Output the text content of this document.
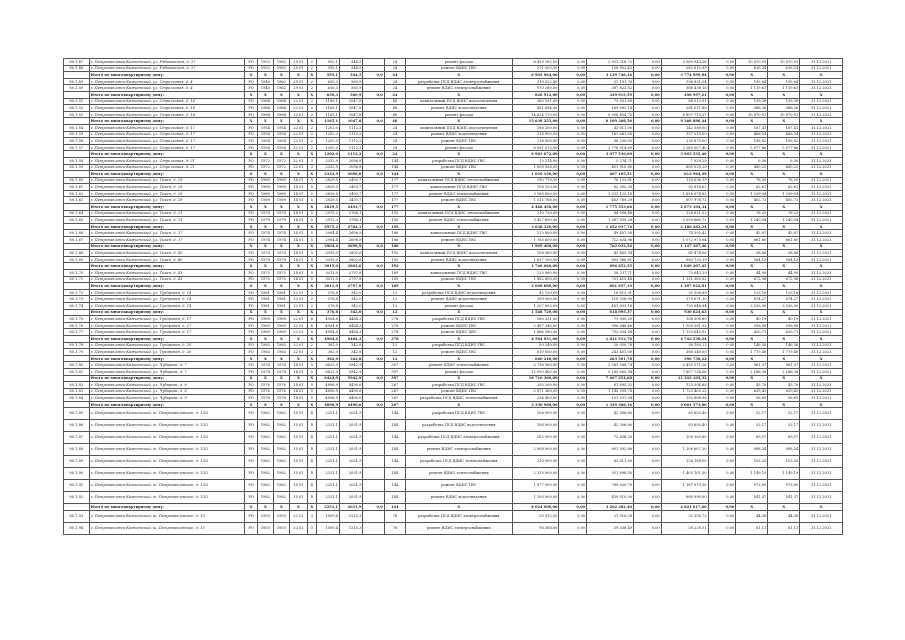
80.1.47	г. Петропавловск-Камчатский, ул. Рябиковская, д. 37	РО	1952	1962	29 01	2	595,1	544,5		24	ремонт фасада	6 429 162,00	0,00	2 921 218,72	0,00	3 569 943,28	0,00	10 870,91	10 870,91	31.12.2021
80.1.48	г. Петропавловск-Камчатский, ул. Рябиковская, д. 37	РО	1952	1962	29 01	2	595,1	544,5		24	ремонт ВДИС ГВС	271 000,00	0,00	108 952,43	0,00	262 615,99	0,00	626,54	626,54	31.12.2021
	Итого по многоквартирному дому:	X	X	X	X	X	595,1	544,5	0,0	24	X	6 905 964,00	0,00	3 129 746,16	0,00	3 774 999,84	0,00	X	X	X
80.1.49	г. Петропавловск-Камчатский, ул. Стрелковая, д. 4	РО	1940	1962	29 01	2	650,3	560,9		24	разработка ПСД ВДИС электроснабжения	319 022,80	0,00	32 191,76	0,00	196 831,04	0,00	195,64	195,64	31.12.2021
80.1.50	г. Петропавловск-Камчатский, ул. Стрелковая, д. 4	РО	1940	1962	29 01	2	650,3	560,9		24	ремонт ВДИС электроснабжения	970 280,00	0,00	387 623,82	0,00	386 436,18	0,00	1 119,61	1 119,61	31.12.2021
	Итого по многоквартирному дому:	X	X	X	X	X	650,3	560,9	0,0	24	X	826 912,80	0,00	329 915,59	0,00	498 997,21	0,00	X	X	X
80.1.51	г. Петропавловск-Камчатский, ул. Стрелковая, д. 14	РО	1964	1964	22 01	2	1165,1	1047,8		48	капитальный ПСД ВДИС водоотведения	362 191,00	0,00	73 031,69	0,00	88 512,91	0,00	139,38	139,38	31.12.2021
80.1.52	г. Петропавловск-Камчатский, ул. Стрелковая, д. 14	РО	1964	1964	22 01	2	1165,1	1047,8		48	ремонт ВДИС водоотведения	451 894,00	0,00	169 882,14	0,00	281 011,86	0,00	386,26	386,26	31.12.2021
80.1.53	г. Петропавловск-Камчатский, ул. Стрелковая, д. 14	РО	1964	1964	22 01	2	1165,1	1047,8		48	ремонт фасада	14 824 170,00	0,00	5 926 454,73	0,00	8 897 715,27	0,00	10 870,91	10 870,91	31.12.2021
	Итого по многоквартирному дому:	X	X	X	X	X	1165,1	1047,8	0,0	48	X	15 638 255,00	0,00	6 169 368,56	0,00	9 268 886,44	0,00	X	X	X
80.1.54	г. Петропавловск-Камчатский, ул. Стрелковая, д. 17	РО	1954	1954	22 01	2	1202,0	1112,2		24	капитальный ПСД ВДИС водоотведения	186 200,00	0,00	43 611,00	0,00	142 589,00	0,00	167,41	167,41	31.12.2021
80.1.55	г. Петропавловск-Камчатский, ул. Стрелковая, д. 17	РО	1954	1954	22 01	2	1202,0	1112,2		24	ремонт ВДИС водоотведения	518 900,00	0,00	161 681,00	0,00	357 219,00	0,00	466,54	466,54	31.12.2021
80.1.56	г. Петропавловск-Камчатский, ул. Стрелковая, д. 17	РО	1954	1954	22 01	2	1202,0	1112,2		24	ремонт ВДИС ГВС	216 900,00	0,00	96 230,00	0,00	120 670,00	0,00	195,02	195,02	31.12.2021
80.1.57	г. Петропавловск-Камчатский, ул. Стрелковая, д. 17	РО	1954	1954	22 01	2	1202,0	1112,2		24	ремонт фасада	6 061 072,00	0,00	2 776 014,60	0,00	3 285 057,40	0,00	5 077,86	5 077,86	31.12.2021
	Итого по многоквартирному дому:	X	X	X	X	X	1202,0	1112,2	0,0	24	X	6 983 072,00	0,00	3 077 536,60	0,00	3 905 535,40	0,00	X	X	X
80.1.58	г. Петропавловск-Камчатский, ул. Стрелковая, д. 21	РО	1972	1972	22 01	3	2332,9	2096,8		144	разработка ПСД ВДИС ГВС	13 214,00	0,00	5 274,71	0,00	7 939,29	0,00	6,30	6,30	31.12.2021
80.1.59	г. Петропавловск-Камчатский, ул. Стрелковая, д. 21	РО	1972	1972	22 01	3	2332,9	2096,8		144	ремонт ВДИС ГВС	1 006 936,00	0,00	401 910,80	0,00	605 025,20	0,00	480,22	480,22	31.12.2021
	Итого по многоквартирному дому:	X	X	X	X	X	2332,9	2096,8	0,0	144	X	1 020 150,00	0,00	407 185,51	0,00	612 964,49	0,00	X	X	X
80.1.60	г. Петропавловск-Камчатский, ул. Тихая, д. 29	РО	1969	1969	14 01	5	2829,5	2493,7		177	капитальный ПСД ВДИС теплоснабжения	190 770,00	0,00	76 133,81	0,00	114 636,19	0,00	76,50	76,50	31.12.2021
80.1.61	г. Петропавловск-Камчатский, ул. Тихая, д. 29	РО	1969	1969	14 01	5	2829,5	2493,7		177	капитальный ПСД ВДИС ГВС	156 120,00	0,00	62 305,38	0,00	93 814,62	0,00	62,61	62,61	31.12.2021
80.1.62	г. Петропавловск-Камчатский, ул. Тихая, д. 29	РО	1969	1969	14 01	5	2829,5	2493,7		177	ремонт ВДИС теплоснабжения	3 089 800,00	0,00	1 233 125,18	0,00	1 856 674,82	0,00	1 239,04	1 239,04	31.12.2021
80.1.63	г. Петропавловск-Камчатский, ул. Тихая, д. 29	РО	1969	1969	14 01	5	2829,5	2493,7		177	ремонт ВДИС ГВС	1 011 768,00	0,00	403 789,29	0,00	607 978,71	0,00	405,73	405,73	31.12.2021
	Итого по многоквартирному дому:	X	X	X	X	X	2829,5	2493,7	0,0	177	X	4 448 458,00	0,00	1 775 353,66	0,00	2 673 104,34	0,00	X	X	X
80.1.64	г. Петропавловск-Камчатский, ул. Тихая, д. 31	РО	1978	1978	14 01	5	2975,2	2764,1		195	капитальный ПСД ВДИС теплоснабжения	210 720,00	0,00	84 098,48	0,00	126 621,52	0,00	76,23	76,23	31.12.2021
80.1.65	г. Петропавловск-Камчатский, ул. Тихая, д. 31	РО	1978	1978	14 01	5	2975,2	2764,1		195	ремонт ВДИС теплоснабжения	3 427 600,00	0,00	1 367 939,28	0,00	2 059 660,72	0,00	1 240,04	1 240,04	31.12.2021
	Итого по многоквартирному дому:	X	X	X	X	X	2975,2	2764,1	0,0	195	X	3 638 320,00	0,00	1 452 037,76	0,00	2 186 282,24	0,00	X	X	X
80.1.66	г. Петропавловск-Камчатский, ул. Тихая, д. 37	РО	1974	1974	14 01	5	2904,4	2698,9		186	капитальный ПСД ВДИС ГВС	123 800,00	0,00	49 407,58	0,00	74 392,42	0,00	45,87	45,87	31.12.2021
80.1.67	г. Петропавловск-Камчатский, ул. Тихая, д. 37	РО	1974	1974	14 01	5	2904,4	2698,9		186	ремонт ВДИС ГВС	1 785 600,00	0,00	712 624,96	0,00	1 072 975,04	0,00	661,60	661,60	31.12.2021
	Итого по многоквартирному дому:	X	X	X	X	X	2904,4	2698,9	0,0	186	X	1 909 400,00	0,00	762 032,54	0,00	1 147 367,46	0,00	X	X	X
80.1.68	г. Петропавловск-Камчатский, ул. Тихая, д. 40	РО	1978	1978	14 01	5	3015,0	2802,6		192	капитальный ПСД ВДИС водоотведения	108 960,00	0,00	43 485,94	0,00	65 474,06	0,00	38,88	38,88	31.12.2021
80.1.69	г. Петропавловск-Камчатский, ул. Тихая, д. 40	РО	1978	1978	14 01	5	3015,0	2802,6		192	ремонт ВДИС водоотведения	1 637 100,00	0,00	653 366,61	0,00	983 733,39	0,00	584,13	584,13	31.12.2021
	Итого по многоквартирному дому:	X	X	X	X	X	3015,0	2802,6	0,0	192	X	1 746 060,00	0,00	696 852,55	0,00	1 049 207,45	0,00	X	X	X
80.1.70	г. Петропавловск-Камчатский, ул. Тихая, д. 43	РО	1975	1975	14 01	5	3011,0	2797,8		189	капитальный ПСД ВДИС ГВС	125 880,00	0,00	50 237,71	0,00	75 642,29	0,00	44,99	44,99	31.12.2021
80.1.71	г. Петропавловск-Камчатский, ул. Тихая, д. 43	РО	1975	1975	14 01	5	3011,0	2797,8		189	ремонт ВДИС ГВС	1 882 800,00	0,00	751 419,48	0,00	1 131 380,52	0,00	672,96	672,96	31.12.2021
	Итого по многоквартирному дому:	X	X	X	X	X	3011,0	2797,8	0,0	189	X	2 008 680,00	0,00	801 657,19	0,00	1 207 022,81	0,00	X	X	X
80.1.72	г. Петропавловск-Камчатский, ул. Тундровая, д. 14	РО	1961	1961	22 01	2	376,8	342,0		12	разработка ПСД ВДИС водоотведения	42 120,00	0,00	16 813,31	0,00	25 306,69	0,00	123,16	123,16	31.12.2021
80.1.73	г. Петропавловск-Камчатский, ул. Тундровая, д. 14	РО	1961	1961	22 01	2	376,8	342,0		12	ремонт ВДИС водоотведения	299 000,00	0,00	119 328,90	0,00	179 671,10	0,00	874,27	874,27	31.12.2021
80.1.74	г. Петропавловск-Камчатский, ул. Тундровая, д. 14	РО	1961	1961	22 01	2	376,8	342,0		12	ремонт фасада	1 207 600,00	0,00	481 953,16	0,00	725 646,84	0,00	3 530,99	3 530,99	31.12.2021
	Итого по многоквартирному дому:	X	X	X	X	X	376,8	342,0	0,0	12	X	1 548 720,00	0,00	618 095,37	0,00	930 624,63	0,00	X	X	X
80.1.75	г. Петропавловск-Камчатский, ул. Тундровая, д. 17	РО	1969	1969	22 01	4	4904,6	4484,3		278	разработка ПСД ВДИС ГВС	180 231,00	0,00	71 930,20	0,00	108 300,80	0,00	40,19	40,19	31.12.2021
80.1.76	г. Петропавловск-Камчатский, ул. Тундровая, д. 17	РО	1969	1969	22 01	4	4904,6	4484,3		278	ремонт ВДИС ГВС	2 497 240,00	0,00	996 648,48	0,00	1 500 591,52	0,00	556,88	556,88	31.12.2021
80.1.77	г. Петропавловск-Камчатский, ул. Тундровая, д. 17	РО	1969	1969	22 01	4	4904,6	4484,3		278	ремонт ВДИС ХВС	1 886 580,00	0,00	752 934,08	0,00	1 133 645,92	0,00	420,71	420,71	31.12.2021
	Итого по многоквартирному дому:	X	X	X	X	X	4904,6	4484,3	0,0	278	X	4 564 051,00	0,00	1 821 512,76	0,00	2 742 538,24	0,00	X	X	X
80.1.78	г. Петропавловск-Камчатский, ул. Тундровая, д. 20	РО	1963	1963	22 01	2	382,0	342,8		12	разработка ПСД ВДИС ГВС	50 240,00	0,00	20 050,78	0,00	30 189,22	0,00	146,56	146,56	31.12.2021
80.1.79	г. Петропавловск-Камчатский, ул. Тундровая, д. 20	РО	1963	1963	22 01	2	382,0	342,8		12	ремонт ВДИС ГВС	610 000,00	0,00	243 451,00	0,00	366 549,00	0,00	1 779,46	1 779,46	31.12.2021
	Итого по многоквартирному дому:	X	X	X	X	X	382,0	342,8	0,0	12	X	660 240,00	0,00	263 501,78	0,00	396 738,22	0,00	X	X	X
80.1.80	г. Петропавловск-Камчатский, ул. Чубарова, д. 7	РО	1974	1974	14 01	5	6422,9	5942,9		397	ремонт ВДИС теплоснабжения	5 716 960,00	0,00	2 281 588,74	0,00	3 435 371,26	0,00	961,97	961,97	31.12.2021
80.1.81	г. Петропавловск-Камчатский, ул. Чубарова, д. 7	РО	1974	1974	14 01	5	6422,9	5942,9		397	ремонт фасада	12 993 400,00	0,00	5 185 665,94	0,00	7 807 734,06	0,00	2 186,38	2 186,38	31.12.2021
	Итого по многоквартирному дому:	X	X	X	X	X	6422,9	5942,9	0,0	397	X	18 710 360,00	0,00	7 467 254,68	0,00	11 243 105,32	0,00	X	X	X
80.1.82	г. Петропавловск-Камчатский, ул. Чубарова, д. 9	РО	1976	1976	14 01	5	4896,9	4490,6		267	разработка ПСД ВДИС ГВС	205 200,00	0,00	81 895,32	0,00	123 304,68	0,00	45,70	45,70	31.12.2021
80.1.83	г. Петропавловск-Камчатский, ул. Чубарова, д. 9	РО	1976	1976	14 01	5	4896,9	4490,6		267	ремонт ВДИС ГВС	2 871 360,00	0,00	1 145 959,78	0,00	1 725 400,22	0,00	639,42	639,42	31.12.2021
80.1.84	г. Петропавловск-Камчатский, ул. Чубарова, д. 9	РО	1976	1976	14 01	5	4896,9	4490,6		267	разработка ПСД ВДИС теплоснабжения	254 400,00	0,00	101 531,04	0,00	152 868,96	0,00	56,65	56,65	31.12.2021
	Итого по многоквартирному дому:	X	X	X	X	X	4896,9	4490,6	0,0	267	X	3 330 960,00	0,00	1 329 386,14	0,00	2 001 573,86	0,00	X	X	X
80.1.85	г. Петропавловск-Камчатский, ш. Петропавловское, д. 13/2	РО	1962	1962	15 01	4	2251,1	2031,9		144	разработка ПСД ВДИС ГВС	106 000,00	0,00	42 306,60	0,00	63 693,40	0,00	52,17	52,17	31.12.2021
80.1.86	г. Петропавловск-Камчатский, ш. Петропавловское, д. 13/2	РО	1962	1962	15 01	4	2251,1	2031,9		144	разработка ПСД ВДИС водоотведения	106 000,00	0,00	42 306,60	0,00	63 693,40	0,00	52,17	52,17	31.12.2021
80.1.87	г. Петропавловск-Камчатский, ш. Петропавловское, д. 13/2	РО	1962	1962	15 01	4	2251,1	2031,9		144	разработка ПСД ВДИС электроснабжения	182 000,00	0,00	72 636,20	0,00	109 363,80	0,00	89,57	89,57	31.12.2021
80.1.88	г. Петропавловск-Камчатский, ш. Петропавловское, д. 13/2	РО	1962	1962	15 01	4	2251,1	2031,9		144	ремонт ВДИС электроснабжения	2 008 000,00	0,00	801 392,80	0,00	1 206 607,20	0,00	988,24	988,24	31.12.2021
80.1.89	г. Петропавловск-Камчатский, ш. Петропавловское, д. 13/2	РО	1962	1962	15 01	4	2251,1	2031,9		144	разработка ПСД ВДИС теплоснабжения	210 000,00	0,00	83 811,00	0,00	126 189,00	0,00	103,35	103,35	31.12.2021
80.1.90	г. Петропавловск-Камчатский, ш. Петропавловское, д. 13/2	РО	1962	1962	15 01	4	2251,1	2031,9		144	ремонт ВДИС теплоснабжения	2 335 000,00	0,00	931 898,50	0,00	1 403 101,50	0,00	1 149,19	1 149,19	31.12.2021
80.1.91	г. Петропавловск-Камчатский, ш. Петропавловское, д. 13/2	РО	1962	1962	15 01	4	2251,1	2031,9		144	ремонт ВДИС ГВС	1 977 000,00	0,00	789 020,70	0,00	1 187 979,30	0,00	973,00	973,00	31.12.2021
80.1.92	г. Петропавловск-Камчатский, ш. Петропавловское, д. 13/2	РО	1962	1962	15 01	4	2251,1	2031,9		144	ремонт ВДИС водоотведения	1 100 000,00	0,00	439 010,00	0,00	660 990,00	0,00	541,37	541,37	31.12.2021
	Итого по многоквартирному дому:	X	X	X	X	X	2251,1	2031,9	0,0	144	X	8 024 000,00	0,00	3 202 382,40	0,00	4 821 617,60	0,00	X	X	X
80.1.93	г. Петропавловск-Камчатский, ш. Петропавловское, д. 15	РО	1955	1955	22 01	3	1509,4	1215,3		78	разработка ПСД ВДИС электроснабжения	53 912,00	0,00	21 516,28	0,00	32 395,72	0,00	44,36	44,36	31.12.2021
80.1.94	г. Петропавловск-Камчатский, ш. Петропавловское, д. 15	РО	1955	1955	22 01	3	1509,4	1215,3		78	ремонт ВДИС электроснабжения	98 568,00	0,00	39 338,49	0,00	59 229,51	0,00	81,11	81,11	31.12.2021
